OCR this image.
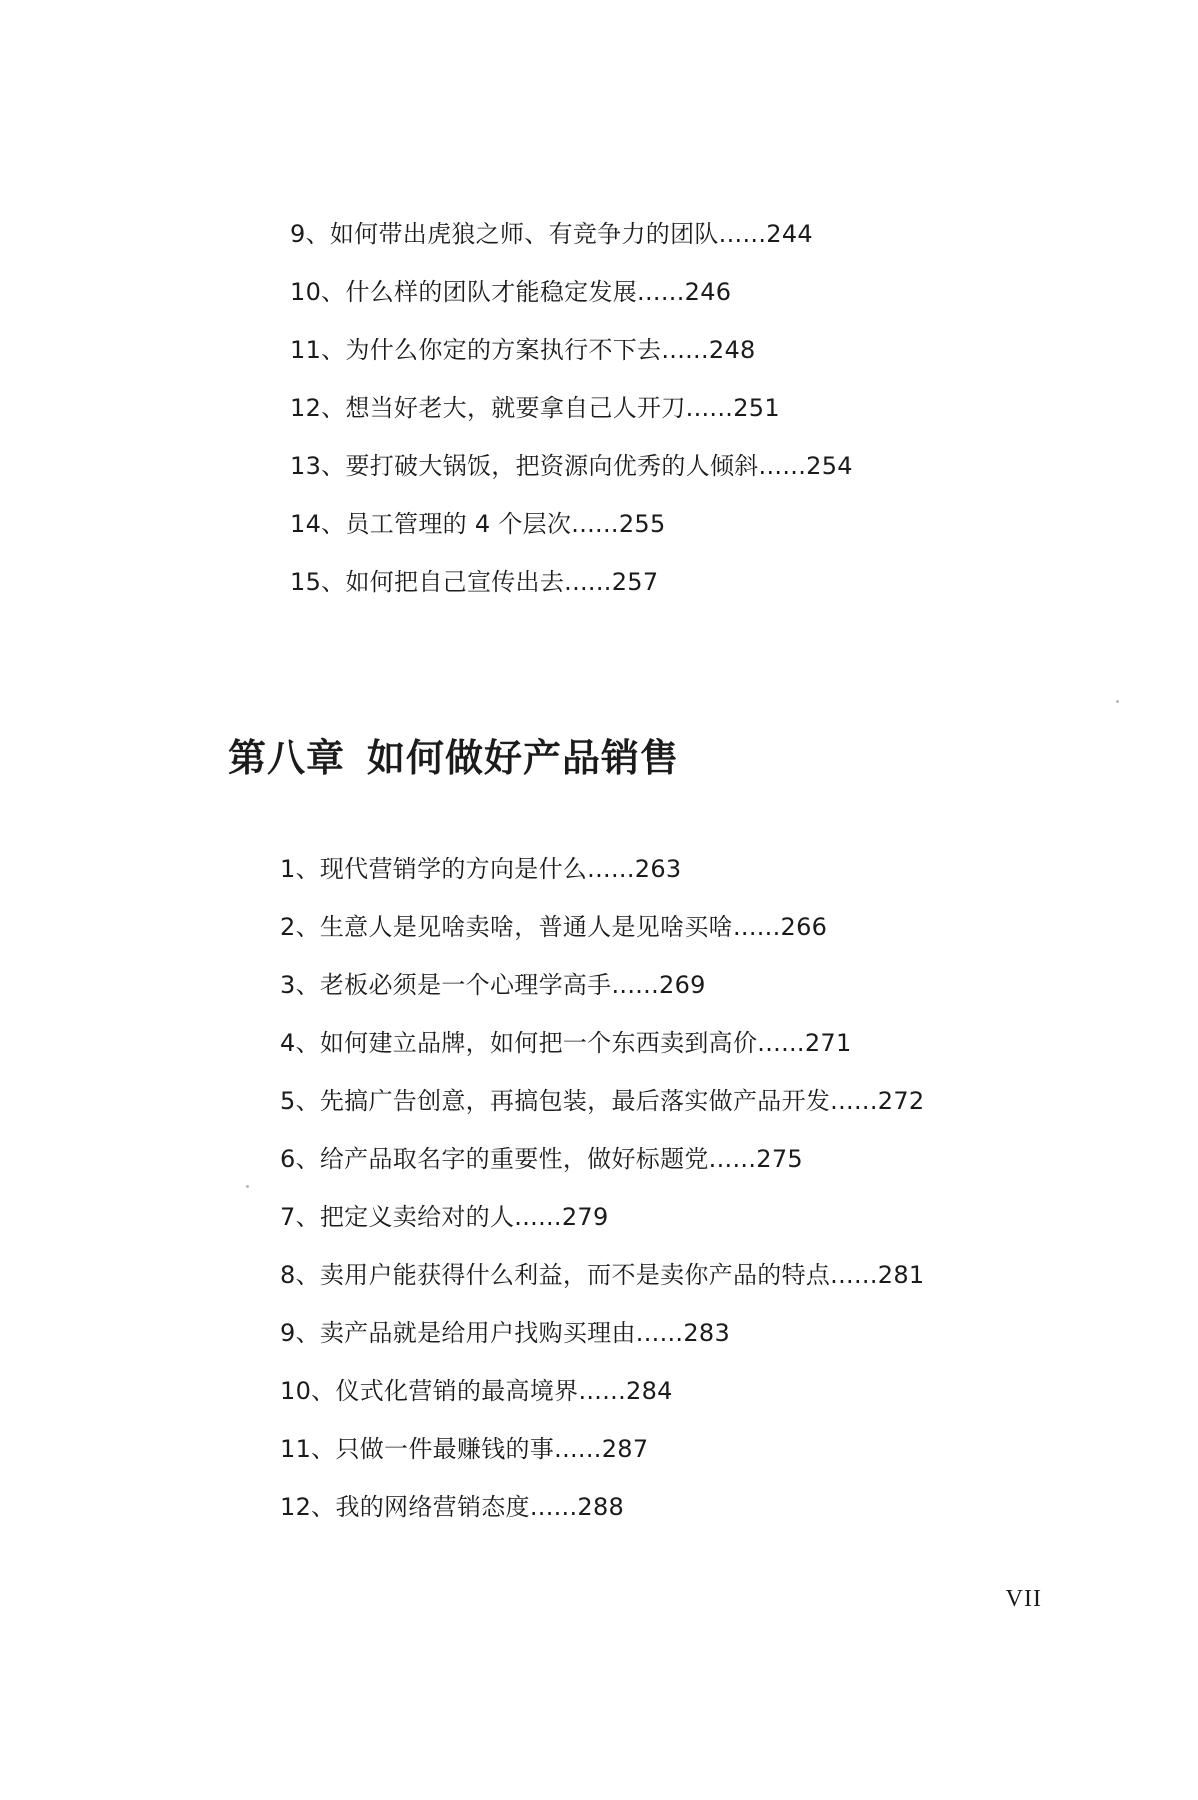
9、如何带出虎狼之师、有竞争力的团队......244
10、什么样的团队才能稳定发展......246
11、为什么你定的方案执行不下去......248
12、想当好老大，就要拿自己人开刀......251
13、要打破大锅饭，把资源向优秀的人倾斜......254
14、员工管理的 4 个层次......255
15、如何把自己宣传出去......257
第八章 如何做好产品销售
1、现代营销学的方向是什么......263
2、生意人是见啥卖啥，普通人是见啥买啥......266
3、老板必须是一个心理学高手......269
4、如何建立品牌，如何把一个东西卖到高价......271
5、先搞广告创意，再搞包装，最后落实做产品开发......272
6、给产品取名字的重要性，做好标题党......275
7、把定义卖给对的人......279
8、卖用户能获得什么利益，而不是卖你产品的特点......281
9、卖产品就是给用户找购买理由......283
10、仪式化营销的最高境界......284
11、只做一件最赚钱的事......287
12、我的网络营销态度......288
VII
